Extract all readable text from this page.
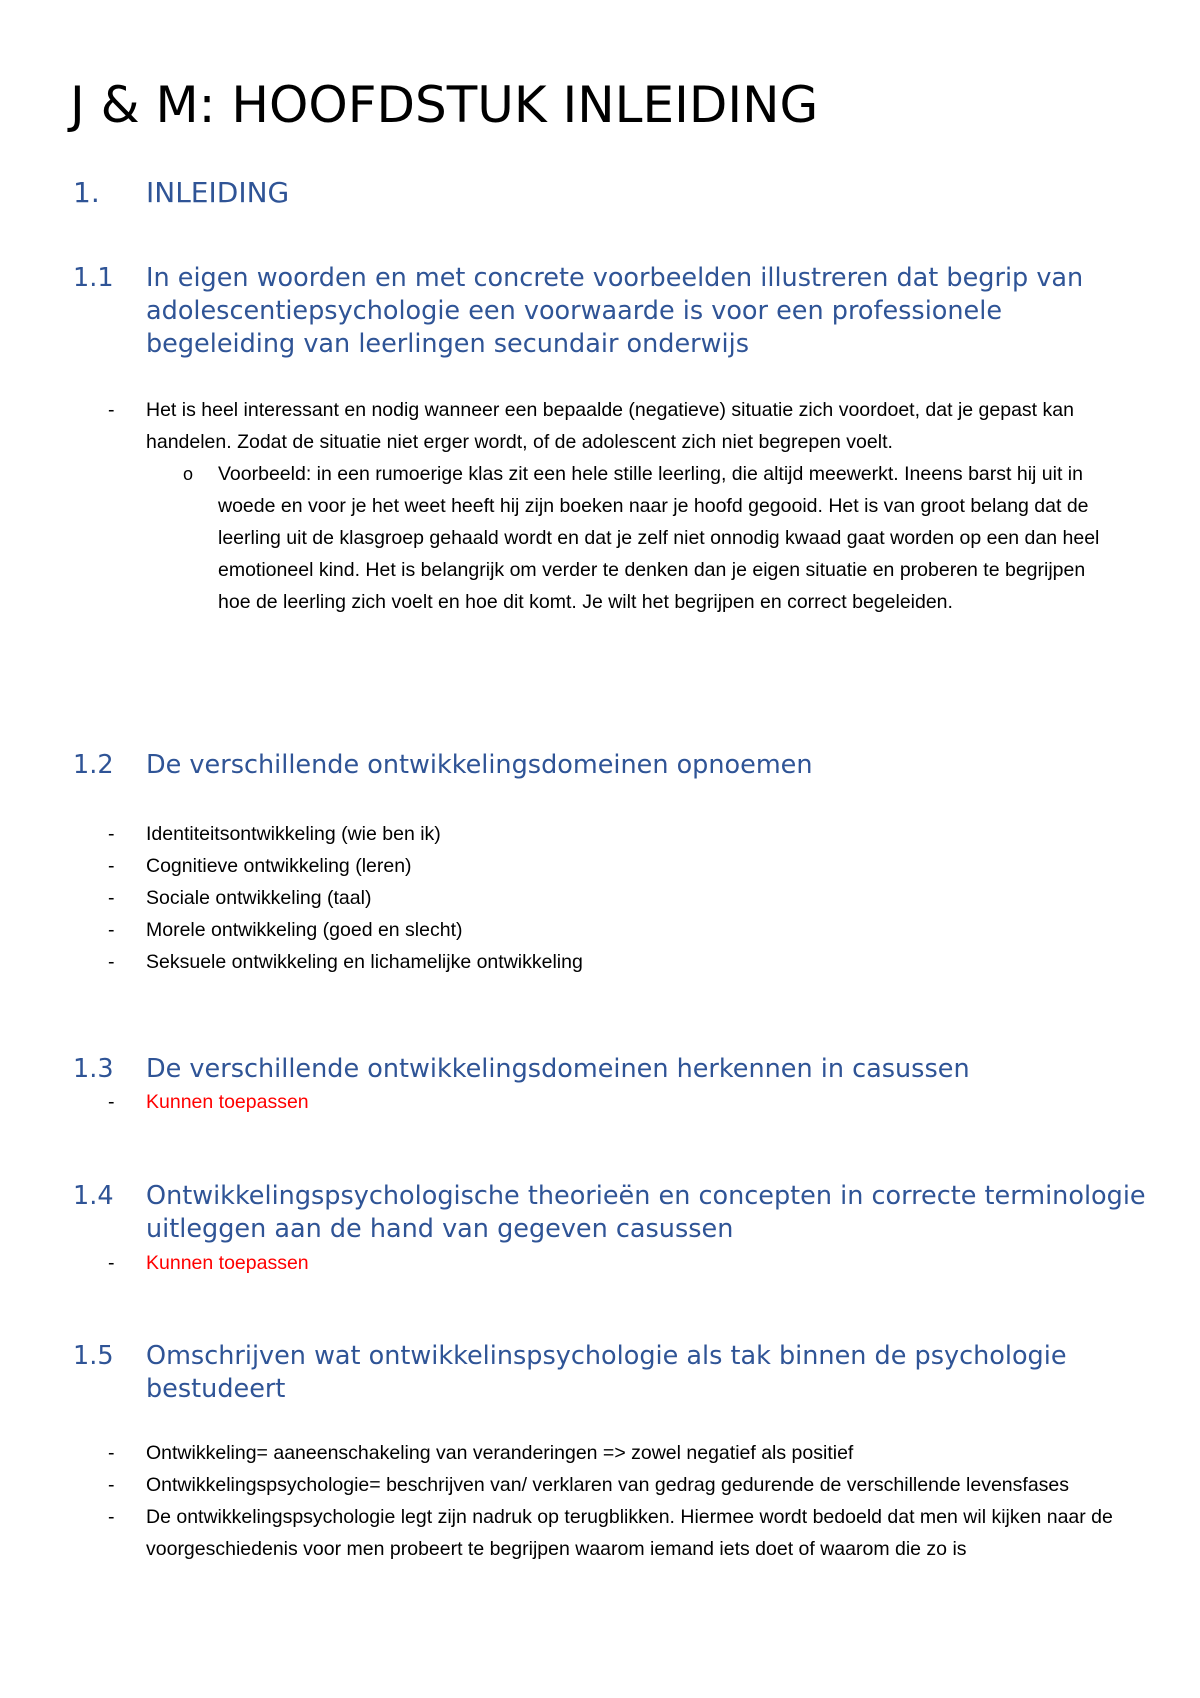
J & M: HOOFDSTUK INLEIDING
1. INLEIDING
1.1 In eigen woorden en met concrete voorbeelden illustreren dat begrip van adolescentiepsychologie een voorwaarde is voor een professionele begeleiding van leerlingen secundair onderwijs
-	Het is heel interessant en nodig wanneer een bepaalde (negatieve) situatie zich voordoet, dat je gepast kan handelen. Zodat de situatie niet erger wordt, of de adolescent zich niet begrepen voelt.
o	Voorbeeld: in een rumoerige klas zit een hele stille leerling, die altijd meewerkt. Ineens barst hij uit in woede en voor je het weet heeft hij zijn boeken naar je hoofd gegooid. Het is van groot belang dat de leerling uit de klasgroep gehaald wordt en dat je zelf niet onnodig kwaad gaat worden op een dan heel emotioneel kind. Het is belangrijk om verder te denken dan je eigen situatie en proberen te begrijpen hoe de leerling zich voelt en hoe dit komt. Je wilt het begrijpen en correct begeleiden.
1.2 De verschillende ontwikkelingsdomeinen opnoemen
-	Identiteitsontwikkeling (wie ben ik)
-	Cognitieve ontwikkeling (leren)
-	Sociale ontwikkeling (taal)
-	Morele ontwikkeling (goed en slecht)
-	Seksuele ontwikkeling en lichamelijke ontwikkeling
1.3 De verschillende ontwikkelingsdomeinen herkennen in casussen
-	Kunnen toepassen
1.4 Ontwikkelingspsychologische theorieën en concepten in correcte terminologie uitleggen aan de hand van gegeven casussen
-	Kunnen toepassen
1.5 Omschrijven wat ontwikkelinspsychologie als tak binnen de psychologie bestudeert
-	Ontwikkeling= aaneenschakeling van veranderingen => zowel negatief als positief
-	Ontwikkelingspsychologie= beschrijven van/ verklaren van gedrag gedurende de verschillende levensfases
-	De ontwikkelingspsychologie legt zijn nadruk op terugblikken. Hiermee wordt bedoeld dat men wil kijken naar de voorgeschiedenis voor men probeert te begrijpen waarom iemand iets doet of waarom die zo is
